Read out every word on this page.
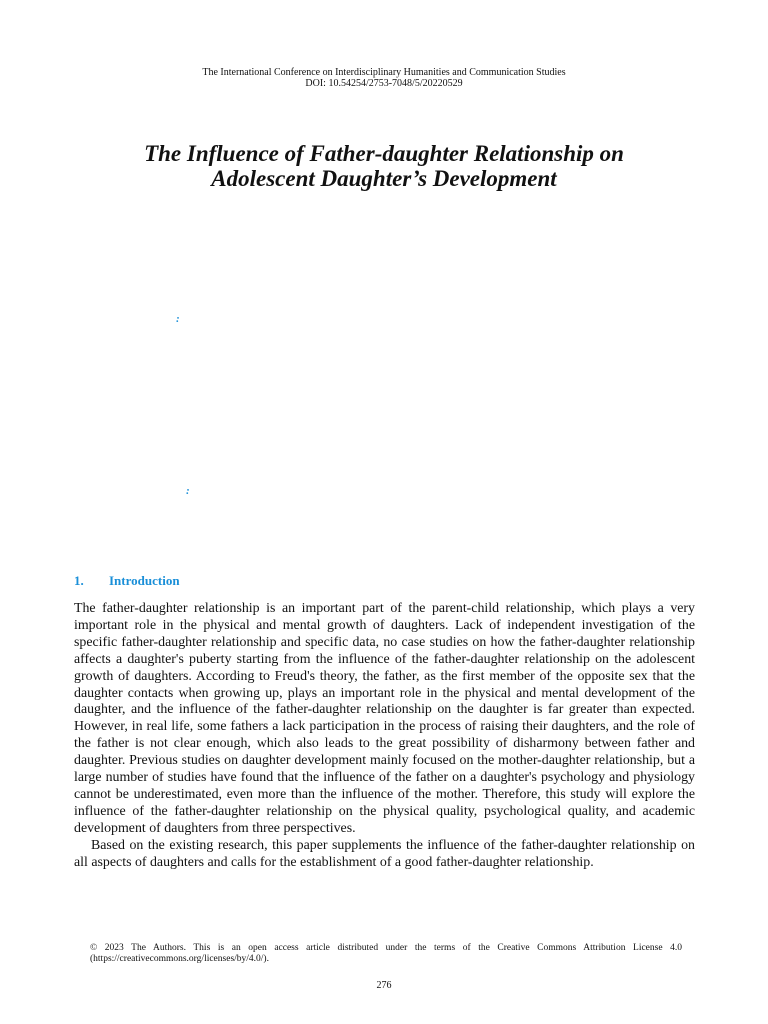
The International Conference on Interdisciplinary Humanities and Communication Studies
DOI: 10.54254/2753-7048/5/20220529
The Influence of Father-daughter Relationship on
Adolescent Daughter’s Development
:
:
1. Introduction

The father-daughter relationship is an important part of the parent-child relationship, which plays a very important role in the physical and mental growth of daughters. Lack of independent investigation of the specific father-daughter relationship and specific data, no case studies on how the father-daughter relationship affects a daughter's puberty starting from the influence of the father-daughter relationship on the adolescent growth of daughters. According to Freud's theory, the father, as the first member of the opposite sex that the daughter contacts when growing up, plays an important role in the physical and mental development of the daughter, and the influence of the father-daughter relationship on the daughter is far greater than expected. However, in real life, some fathers a lack participation in the process of raising their daughters, and the role of the father is not clear enough, which also leads to the great possibility of disharmony between father and daughter. Previous studies on daughter development mainly focused on the mother-daughter relationship, but a large number of studies have found that the influence of the father on a daughter's psychology and physiology cannot be underestimated, even more than the influence of the mother. Therefore, this study will explore the influence of the father-daughter relationship on the physical quality, psychological quality, and academic development of daughters from three perspectives.

Based on the existing research, this paper supplements the influence of the father-daughter relationship on all aspects of daughters and calls for the establishment of a good father-daughter relationship.

© 2023 The Authors. This is an open access article distributed under the terms of the Creative Commons Attribution License 4.0 (https://creativecommons.org/licenses/by/4.0/).
276
